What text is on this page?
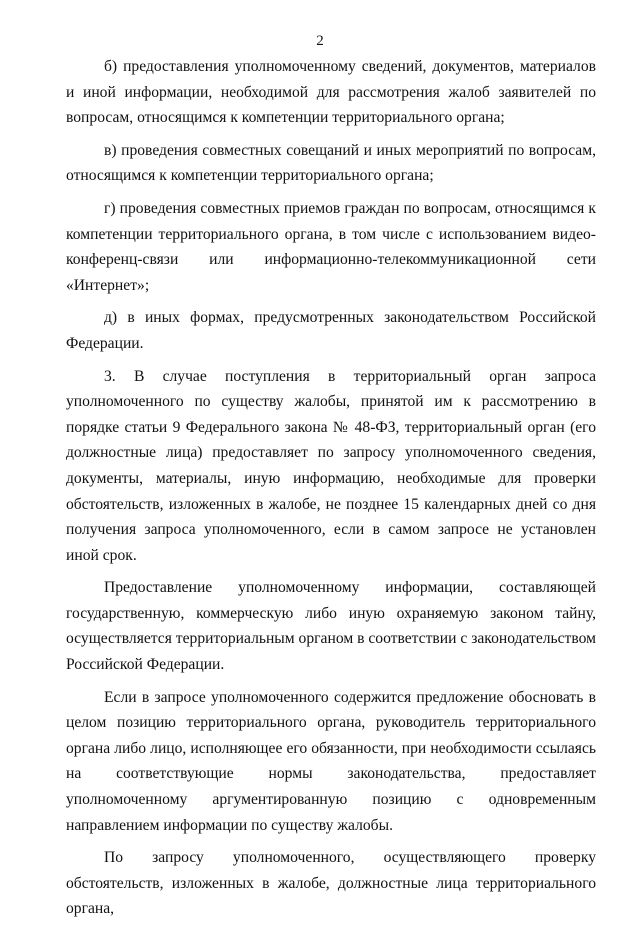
2

б) предоставления уполномоченному сведений, документов, материалов и иной информации, необходимой для рассмотрения жалоб заявителей по вопросам, относящимся к компетенции территориального органа;

в) проведения совместных совещаний и иных мероприятий по вопросам, относящимся к компетенции территориального органа;

г) проведения совместных приемов граждан по вопросам, относящимся к компетенции территориального органа, в том числе с использованием видео-конференц-связи или информационно-телекоммуникационной сети «Интернет»;

д) в иных формах, предусмотренных законодательством Российской Федерации.

3. В случае поступления в территориальный орган запроса уполномоченного по существу жалобы, принятой им к рассмотрению в порядке статьи 9 Федерального закона № 48-ФЗ, территориальный орган (его должностные лица) предоставляет по запросу уполномоченного сведения, документы, материалы, иную информацию, необходимые для проверки обстоятельств, изложенных в жалобе, не позднее 15 календарных дней со дня получения запроса уполномоченного, если в самом запросе не установлен иной срок.

Предоставление уполномоченному информации, составляющей государственную, коммерческую либо иную охраняемую законом тайну, осуществляется территориальным органом в соответствии с законодательством Российской Федерации.

Если в запросе уполномоченного содержится предложение обосновать в целом позицию территориального органа, руководитель территориального органа либо лицо, исполняющее его обязанности, при необходимости ссылаясь на соответствующие нормы законодательства, предоставляет уполномоченному аргументированную позицию с одновременным направлением информации по существу жалобы.

По запросу уполномоченного, осуществляющего проверку обстоятельств, изложенных в жалобе, должностные лица территориального органа,
